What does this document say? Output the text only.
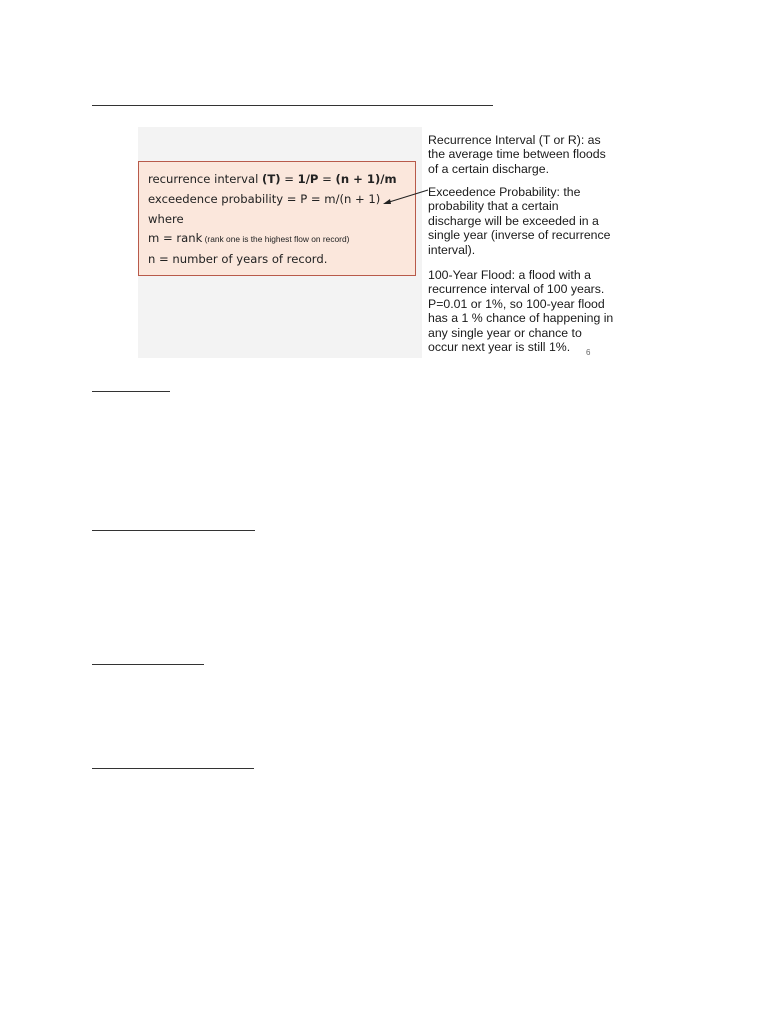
recurrence interval (T) = 1/P = (n + 1)/m
exceedence probability = P = m/(n + 1)
where
m = rank (rank one is the highest flow on record)
n = number of years of record.
Recurrence Interval (T or R): as the average time between floods of a certain discharge.
Exceedence Probability: the probability that a certain discharge will be exceeded in a single year (inverse of recurrence interval).
100-Year Flood: a flood with a recurrence interval of 100 years. P=0.01 or 1%, so 100-year flood has a 1 % chance of happening in any single year or chance to occur next year is still 1%.	6
